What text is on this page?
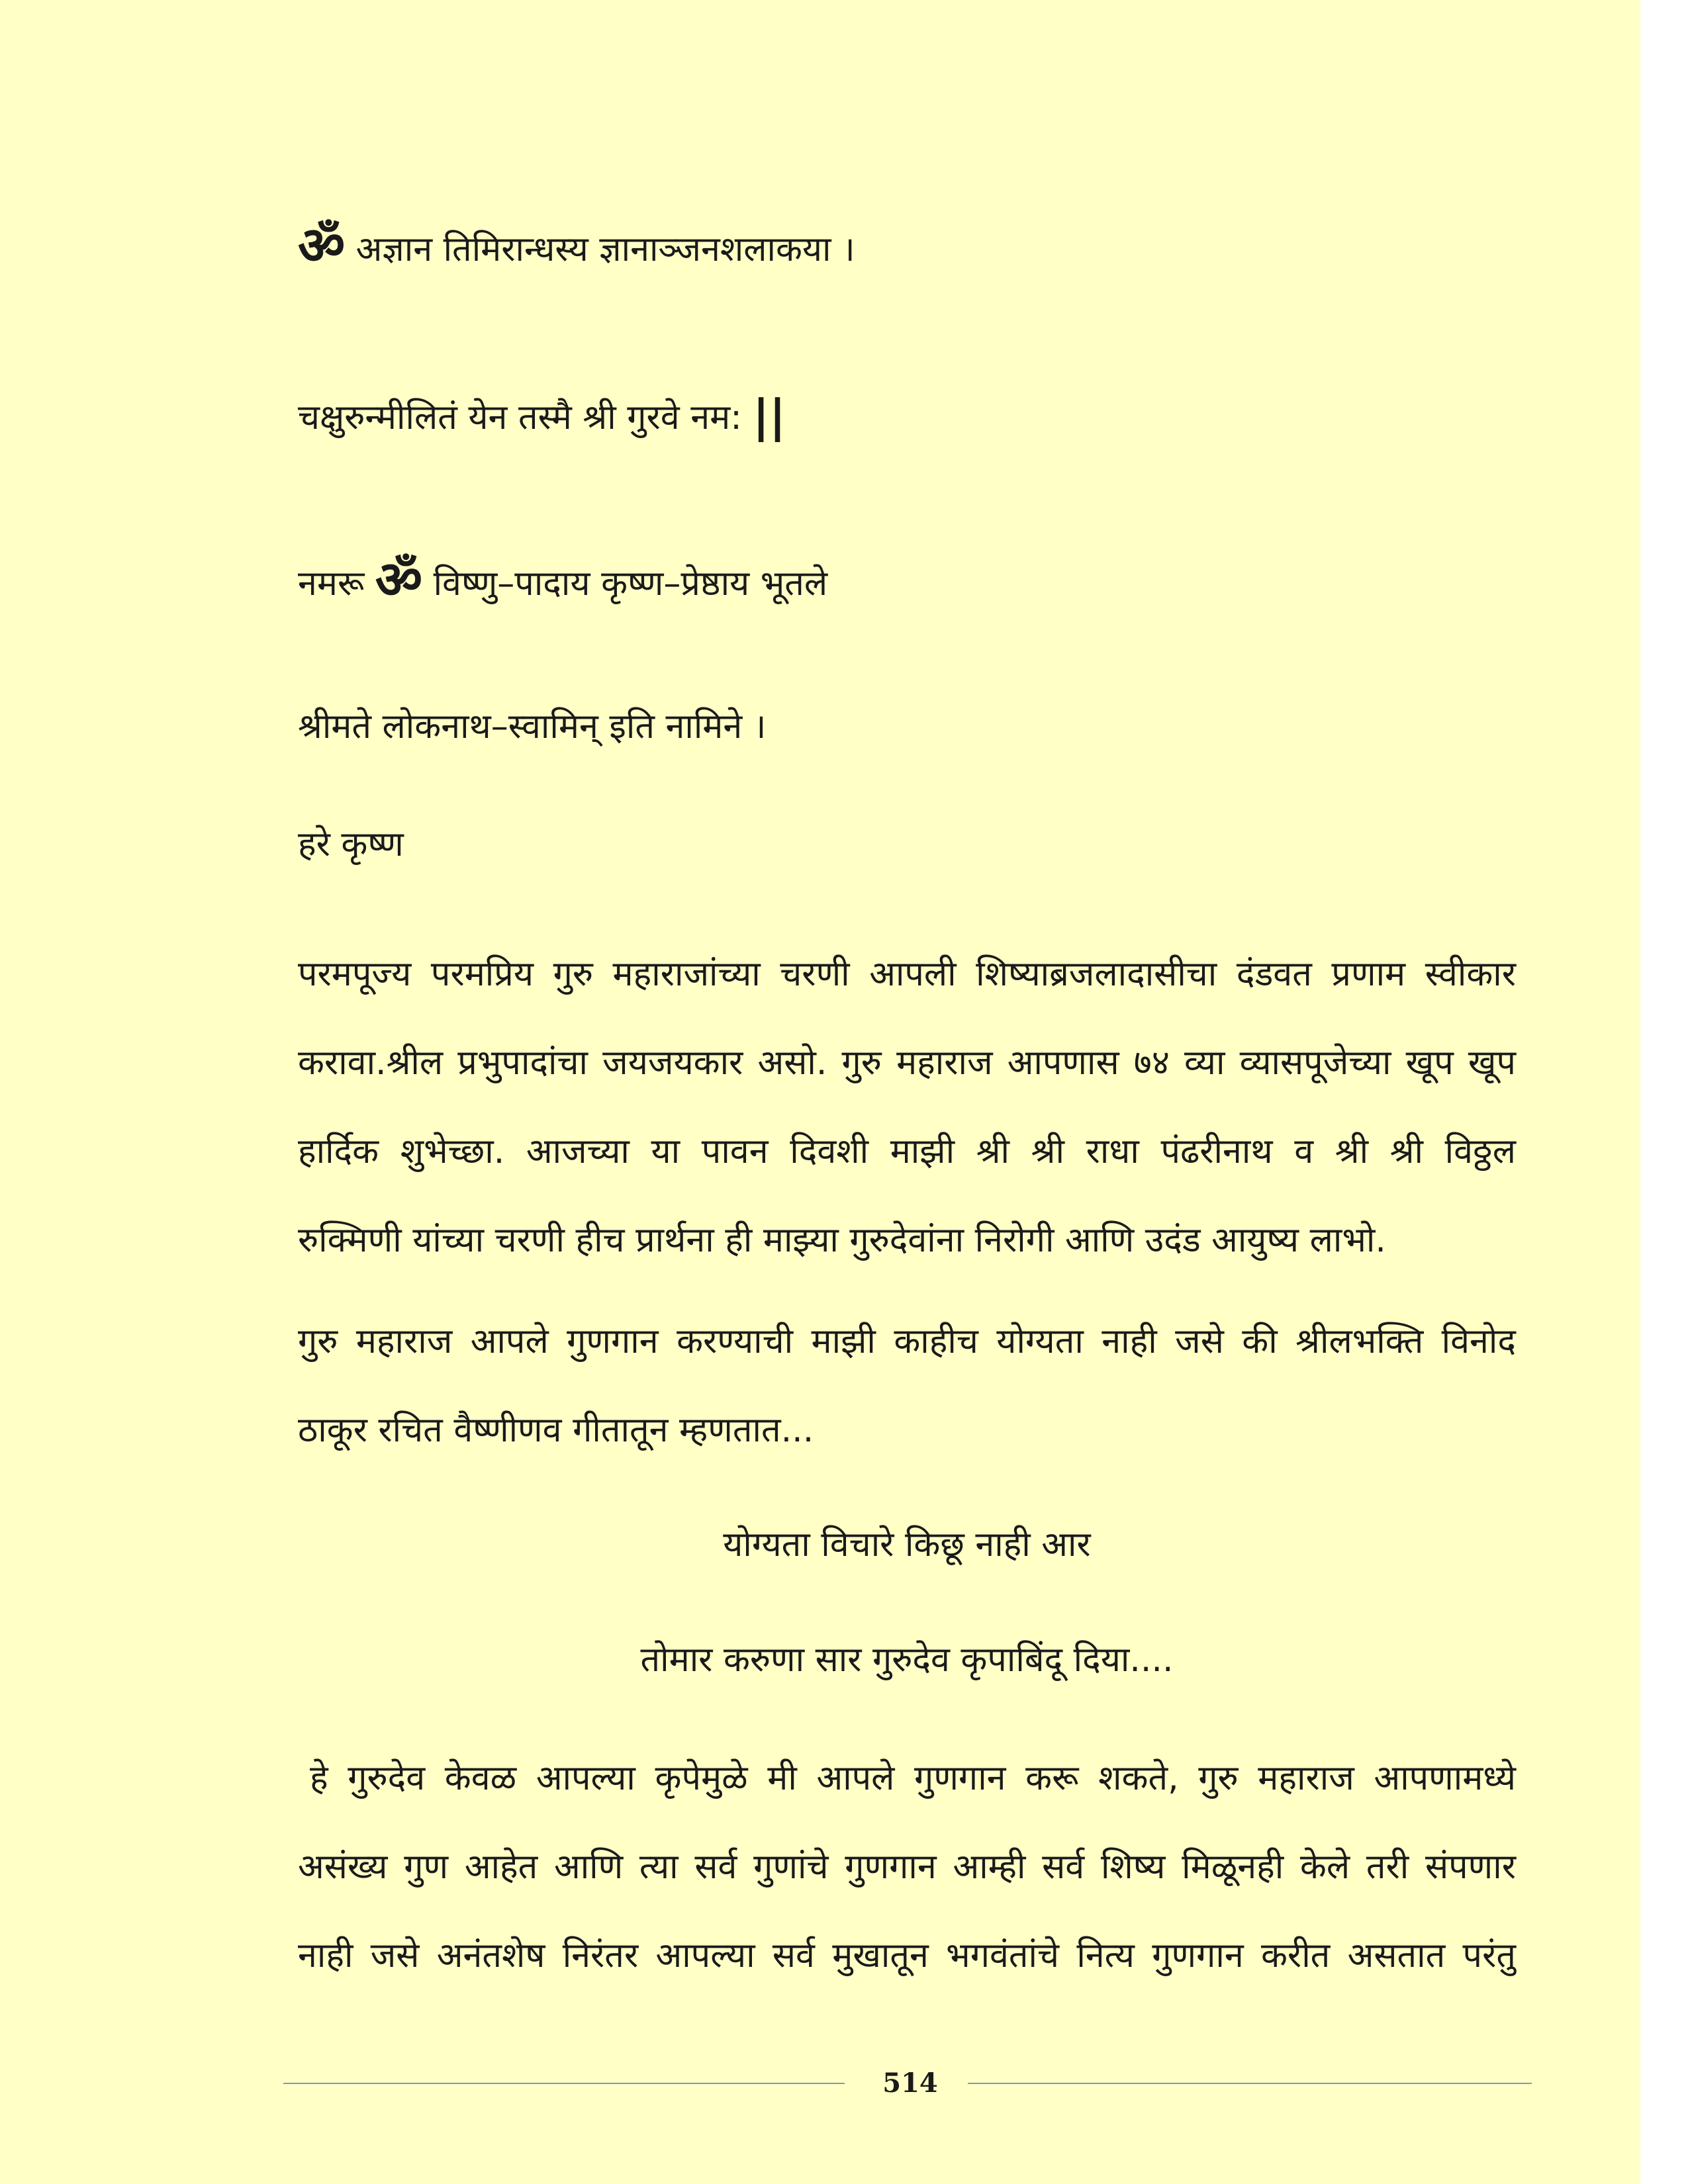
ॐ अज्ञान तिमिरान्धस्य ज्ञानाञ्जनशलाकया ।
चक्षुरुन्मीलितं येन तस्मै श्री गुरवे नम: ||
नमरू ॐ विष्णु–पादाय कृष्ण–प्रेष्ठाय भूतले
श्रीमते लोकनाथ–स्वामिन् इति नामिने ।
हरे कृष्ण
परमपूज्य परमप्रिय गुरु महाराजांच्या चरणी आपली शिष्याब्रजलादासीचा दंडवत प्रणाम स्वीकार
करावा.श्रील प्रभुपादांचा जयजयकार असो. गुरु महाराज आपणास ७४ व्या व्यासपूजेच्या खूप खूप
हार्दिक शुभेच्छा. आजच्या या पावन दिवशी माझी श्री श्री राधा पंढरीनाथ व श्री श्री विठ्ठल
रुक्मिणी यांच्या चरणी हीच प्रार्थना ही माझ्या गुरुदेवांना निरोगी आणि उदंड आयुष्य लाभो.
गुरु महाराज आपले गुणगान करण्याची माझी काहीच योग्यता नाही जसे की श्रीलभक्ति विनोद
ठाकूर रचित वैष्णीणव गीतातून म्हणतात...
योग्यता विचारे किछू नाही आर
तोमार करुणा सार गुरुदेव कृपाबिंदू दिया....
हे गुरुदेव केवळ आपल्या कृपेमुळे मी आपले गुणगान करू शकते, गुरु महाराज आपणामध्ये
असंख्य गुण आहेत आणि त्या सर्व गुणांचे गुणगान आम्ही सर्व शिष्य मिळूनही केले तरी संपणार
नाही जसे अनंतशेष निरंतर आपल्या सर्व मुखातून भगवंतांचे नित्य गुणगान करीत असतात परंतु
514
